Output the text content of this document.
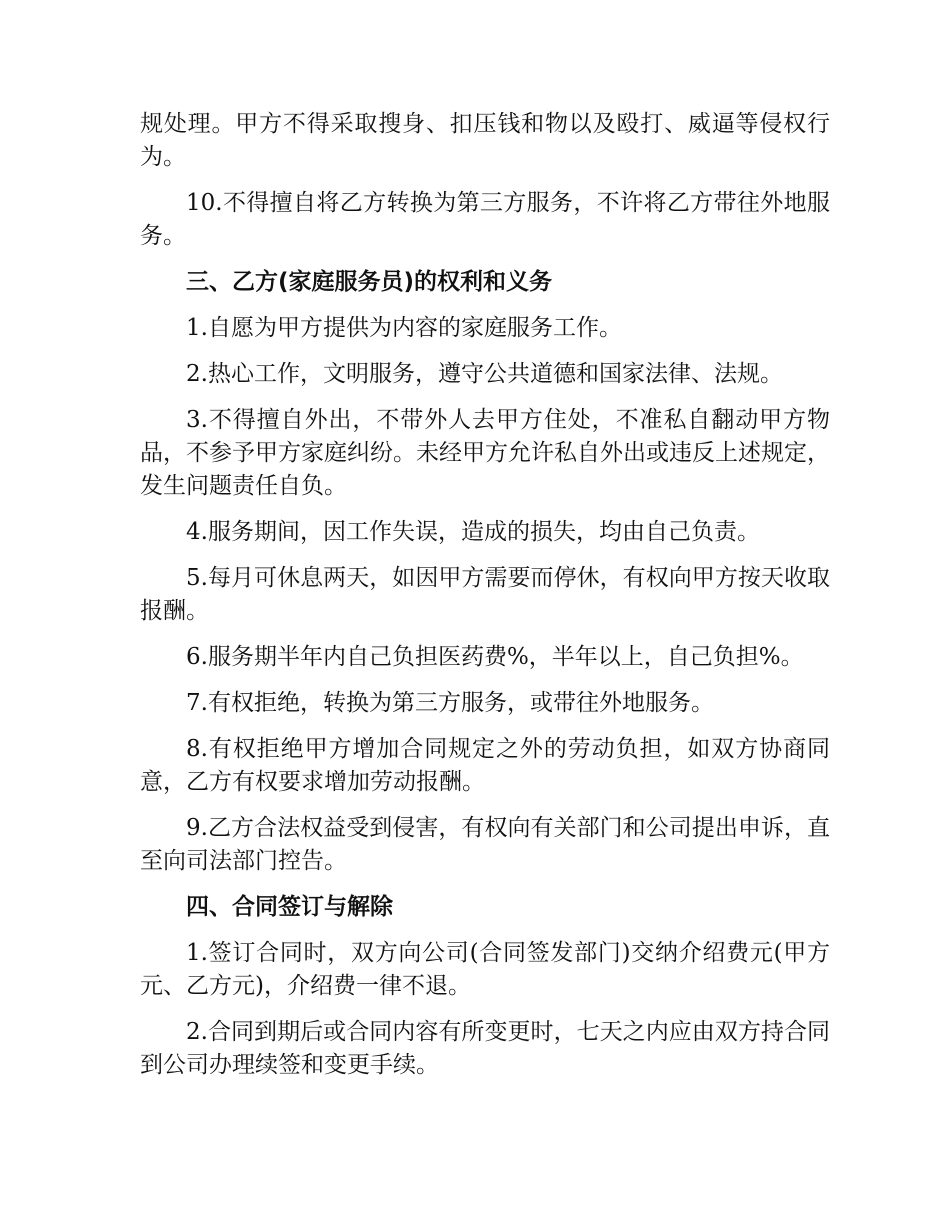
规处理。甲方不得采取搜身、扣压钱和物以及殴打、威逼等侵权行为。

10.不得擅自将乙方转换为第三方服务，不许将乙方带往外地服务。

三、乙方(家庭服务员)的权利和义务

1.自愿为甲方提供为内容的家庭服务工作。

2.热心工作，文明服务，遵守公共道德和国家法律、法规。

3.不得擅自外出，不带外人去甲方住处，不准私自翻动甲方物品，不参予甲方家庭纠纷。未经甲方允许私自外出或违反上述规定，发生问题责任自负。

4.服务期间，因工作失误，造成的损失，均由自己负责。

5.每月可休息两天，如因甲方需要而停休，有权向甲方按天收取报酬。

6.服务期半年内自己负担医药费%，半年以上，自己负担%。

7.有权拒绝，转换为第三方服务，或带往外地服务。

8.有权拒绝甲方增加合同规定之外的劳动负担，如双方协商同意，乙方有权要求增加劳动报酬。

9.乙方合法权益受到侵害，有权向有关部门和公司提出申诉，直至向司法部门控告。

四、合同签订与解除

1.签订合同时，双方向公司(合同签发部门)交纳介绍费元(甲方元、乙方元)，介绍费一律不退。

2.合同到期后或合同内容有所变更时，七天之内应由双方持合同到公司办理续签和变更手续。
